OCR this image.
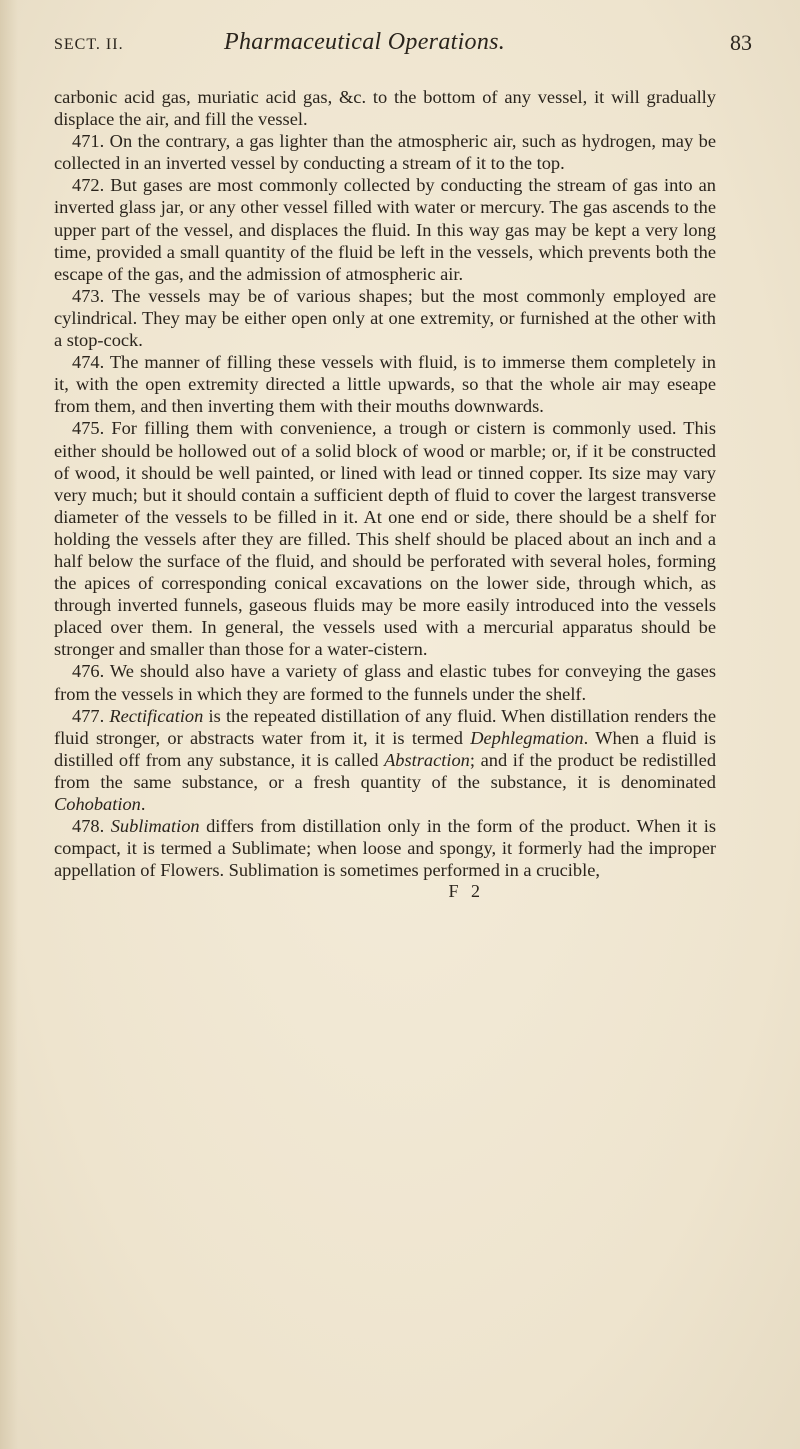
SECT. II.	Pharmaceutical Operations.	83

carbonic acid gas, muriatic acid gas, &c. to the bottom of any vessel, it will gradually displace the air, and fill the vessel.

471. On the contrary, a gas lighter than the atmospheric air, such as hydrogen, may be collected in an inverted vessel by conducting a stream of it to the top.

472. But gases are most commonly collected by conducting the stream of gas into an inverted glass jar, or any other vessel filled with water or mercury. The gas ascends to the upper part of the vessel, and displaces the fluid. In this way gas may be kept a very long time, provided a small quantity of the fluid be left in the vessels, which prevents both the escape of the gas, and the admission of atmospheric air.

473. The vessels may be of various shapes; but the most commonly employed are cylindrical. They may be either open only at one extremity, or furnished at the other with a stop-cock.

474. The manner of filling these vessels with fluid, is to immerse them completely in it, with the open extremity directed a little upwards, so that the whole air may eseape from them, and then inverting them with their mouths downwards.

475. For filling them with convenience, a trough or cistern is commonly used. This either should be hollowed out of a solid block of wood or marble; or, if it be constructed of wood, it should be well painted, or lined with lead or tinned copper. Its size may vary very much; but it should contain a sufficient depth of fluid to cover the largest transverse diameter of the vessels to be filled in it. At one end or side, there should be a shelf for holding the vessels after they are filled. This shelf should be placed about an inch and a half below the surface of the fluid, and should be perforated with several holes, forming the apices of corresponding conical excavations on the lower side, through which, as through inverted funnels, gaseous fluids may be more easily introduced into the vessels placed over them. In general, the vessels used with a mercurial apparatus should be stronger and smaller than those for a water-cistern.

476. We should also have a variety of glass and elastic tubes for conveying the gases from the vessels in which they are formed to the funnels under the shelf.

477. Rectification is the repeated distillation of any fluid. When distillation renders the fluid stronger, or abstracts water from it, it is termed Dephlegmation. When a fluid is distilled off from any substance, it is called Abstraction; and if the product be redistilled from the same substance, or a fresh quantity of the substance, it is denominated Cohobation.

478. Sublimation differs from distillation only in the form of the product. When it is compact, it is termed a Sublimate; when loose and spongy, it formerly had the improper appellation of Flowers. Sublimation is sometimes performed in a crucible,

F 2
